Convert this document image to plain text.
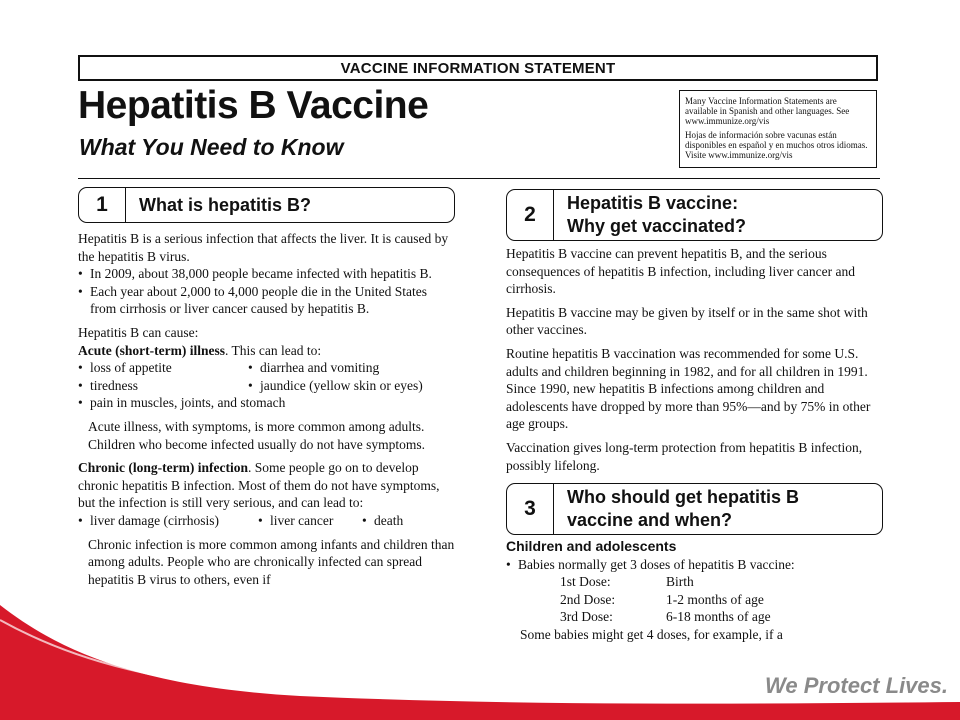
VACCINE INFORMATION STATEMENT
Hepatitis B Vaccine
What You Need to Know

Many Vaccine Information Statements are available in Spanish and other languages. See www.immunize.org/vis

Hojas de información sobre vacunas están disponibles en español y en muchos otros idiomas. Visite www.immunize.org/vis

1	What is hepatitis B?

Hepatitis B is a serious infection that affects the liver. It is caused by the hepatitis B virus.

• In 2009, about 38,000 people became infected with hepatitis B.
• Each year about 2,000 to 4,000 people die in the United States from cirrhosis or liver cancer caused by hepatitis B.

Hepatitis B can cause:

Acute (short-term) illness. This can lead to:

• loss of appetite	• diarrhea and vomiting
• tiredness	• jaundice (yellow skin or eyes)
• pain in muscles, joints, and stomach

Acute illness, with symptoms, is more common among adults. Children who become infected usually do not have symptoms.

Chronic (long-term) infection. Some people go on to develop chronic hepatitis B infection. Most of them do not have symptoms, but the infection is still very serious, and can lead to:

• liver damage (cirrhosis)	• liver cancer • death

Chronic infection is more common among infants and children than among adults. People who are chronically infected can spread hepatitis B virus to others, even if

2	Hepatitis B vaccine:
Why get vaccinated?

Hepatitis B vaccine can prevent hepatitis B, and the serious consequences of hepatitis B infection, including liver cancer and cirrhosis.

Hepatitis B vaccine may be given by itself or in the same shot with other vaccines.

Routine hepatitis B vaccination was recommended for some U.S. adults and children beginning in 1982, and for all children in 1991. Since 1990, new hepatitis B infections among children and adolescents have dropped by more than 95%—and by 75% in other age groups.

Vaccination gives long-term protection from hepatitis B infection, possibly lifelong.

3	Who should get hepatitis B
vaccine and when?

Children and adolescents

• Babies normally get 3 doses of hepatitis B vaccine:
1st Dose:	Birth
2nd Dose:	1-2 months of age
3rd Dose:	6-18 months of age

Some babies might get 4 doses, for example, if a

We Protect Lives.
